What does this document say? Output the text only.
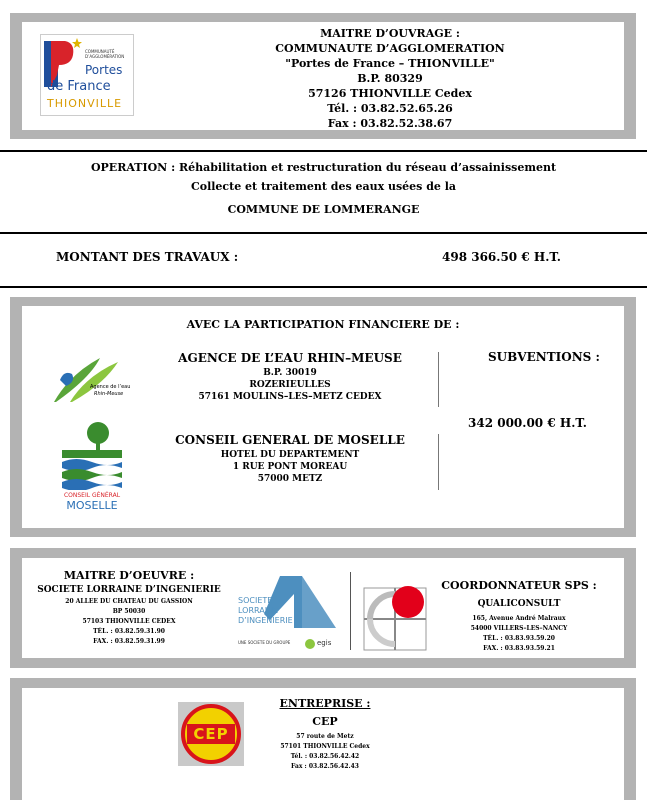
COMMUNAUTÉ D’AGGLOMÉRATION
Portes
de France
THIONVILLE
MAITRE D’OUVRAGE :
COMMUNAUTE D’AGGLOMERATION
"Portes de France – THIONVILLE"
B.P. 80329
57126 THIONVILLE Cedex
Tél. : 03.82.52.65.26
Fax : 03.82.52.38.67
OPERATION : Réhabilitation et restructuration du réseau d’assainissement
Collecte et traitement des eaux usées de la
COMMUNE DE LOMMERANGE
MONTANT DES TRAVAUX :	498 366.50 € H.T.
AVEC LA PARTICIPATION FINANCIERE DE :
Agence de l’eau
Rhin-Meuse
AGENCE DE L’EAU RHIN–MEUSE
B.P. 30019
ROZERIEULLES
57161 MOULINS–LES–METZ CEDEX
CONSEIL GÉNÉRAL
MOSELLE
CONSEIL GENERAL DE MOSELLE
HOTEL DU DEPARTEMENT
1 RUE PONT MOREAU
57000 METZ
SUBVENTIONS :
342 000.00 € H.T.
MAITRE D’OEUVRE :
SOCIETE LORRAINE D’INGENIERIE
20 ALLEE DU CHATEAU DU GASSION
BP 50030
57103 THIONVILLE CEDEX
TÉL. : 03.82.59.31.90
FAX. : 03.82.59.31.99
SOCIETE
LORRAINE
D’INGENIERIE
UNE SOCIETE DU GROUPE	egis
COORDONNATEUR SPS :
QUALICONSULT
165, Avenue André Malraux
54000 VILLERS–LES–NANCY
TÉL. : 03.83.93.59.20
FAX. : 03.83.93.59.21
CEP
ENTREPRISE :
CEP
57 route de Metz
57101 THIONVILLE Cedex
Tél. : 03.82.56.42.42
Fax : 03.82.56.42.43
